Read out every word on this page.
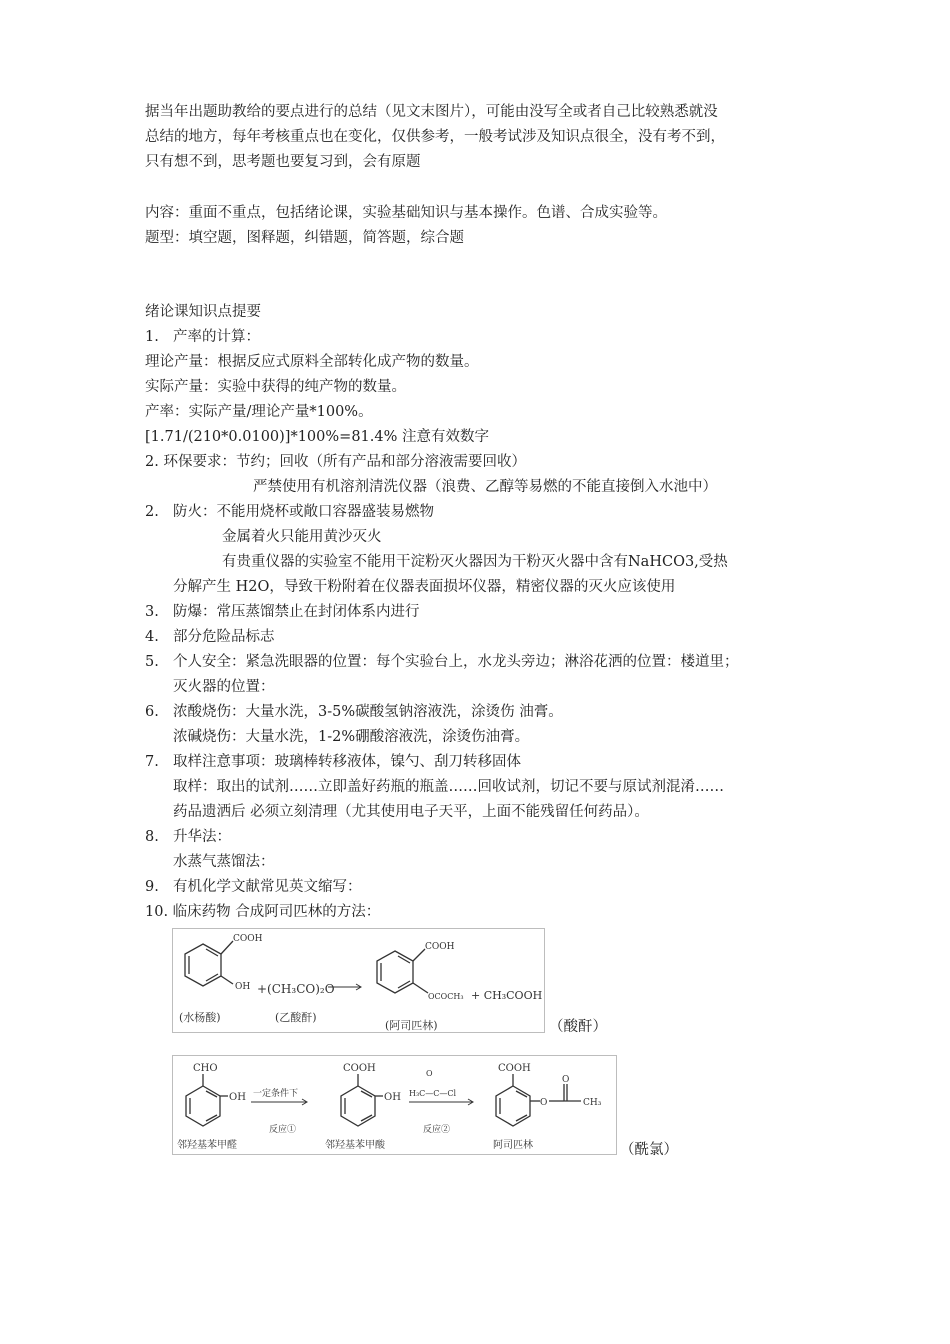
据当年出题助教给的要点进行的总结（见文末图片），可能由没写全或者自己比较熟悉就没
总结的地方，每年考核重点也在变化，仅供参考，一般考试涉及知识点很全，没有考不到，
只有想不到，思考题也要复习到，会有原题
内容：重面不重点，包括绪论课，实验基础知识与基本操作。色谱、合成实验等。
题型：填空题，图释题，纠错题，简答题，综合题
绪论课知识点提要
1. 产率的计算：
理论产量：根据反应式原料全部转化成产物的数量。
实际产量：实验中获得的纯产物的数量。
产率：实际产量/理论产量*100%。
[1.71/(210*0.0100)]*100%=81.4% 注意有效数字
2. 环保要求：节约；回收（所有产品和部分溶液需要回收）
严禁使用有机溶剂清洗仪器（浪费、乙醇等易燃的不能直接倒入水池中）
2. 防火：不能用烧杯或敞口容器盛装易燃物
金属着火只能用黄沙灭火
有贵重仪器的实验室不能用干淀粉灭火器因为干粉灭火器中含有NaHCO3,受热
分解产生 H2O，导致干粉附着在仪器表面损坏仪器，精密仪器的灭火应该使用
3. 防爆：常压蒸馏禁止在封闭体系内进行
4. 部分危险品标志
5. 个人安全：紧急洗眼器的位置：每个实验台上，水龙头旁边；淋浴花洒的位置：楼道里；
灭火器的位置：
6. 浓酸烧伤：大量水洗，3-5%碳酸氢钠溶液洗，涂烫伤 油膏。
浓碱烧伤：大量水洗，1-2%硼酸溶液洗，涂烫伤油膏。
7. 取样注意事项：玻璃棒转移液体，镍勺、刮刀转移固体
取样：取出的试剂……立即盖好药瓶的瓶盖……回收试剂，切记不要与原试剂混淆……
药品遗洒后 必须立刻清理（尤其使用电子天平，上面不能残留任何药品）。
8. 升华法：
水蒸气蒸馏法：
9. 有机化学文献常见英文缩写：
10. 临床药物 合成阿司匹林的方法：
COOH
OH +(CH₃CO)₂O
COOH
OCOCH₃ + CH₃COOH
(水杨酸)	(乙酸酐)
(阿司匹林)	（酸酐）
CHO
OH 一定条件下
反应①
COOH
OH
O
H₃C—C—Cl
反应②
COOH
O
O
CH₃
邻羟基苯甲醛	邻羟基苯甲酸	阿司匹林	（酰氯）
